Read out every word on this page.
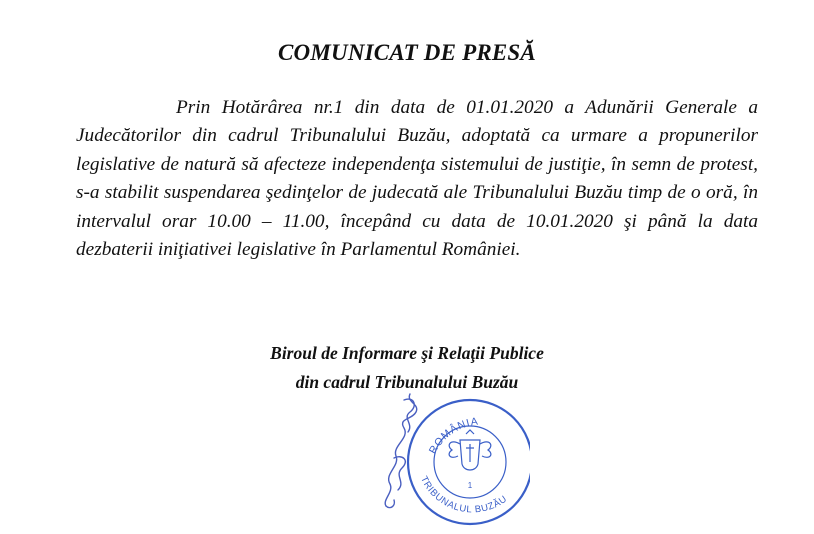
COMUNICAT DE PRESĂ

Prin Hotărârea nr.1 din data de 01.01.2020 a Adunării Generale a Judecătorilor din cadrul Tribunalului Buzău, adoptată ca urmare a propunerilor legislative de natură să afecteze independenţa sistemului de justiţie, în semn de protest, s-a stabilit suspendarea şedinţelor de judecată ale Tribunalului Buzău timp de o oră, în intervalul orar 10.00 – 11.00, începând cu data de 10.01.2020 şi până la data dezbaterii iniţiativei legislative în Parlamentul României.

Biroul de Informare şi Relaţii Publice
din cadrul Tribunalului Buzău
ROMÂNIA
TRIBUNALUL BUZĂU
1
